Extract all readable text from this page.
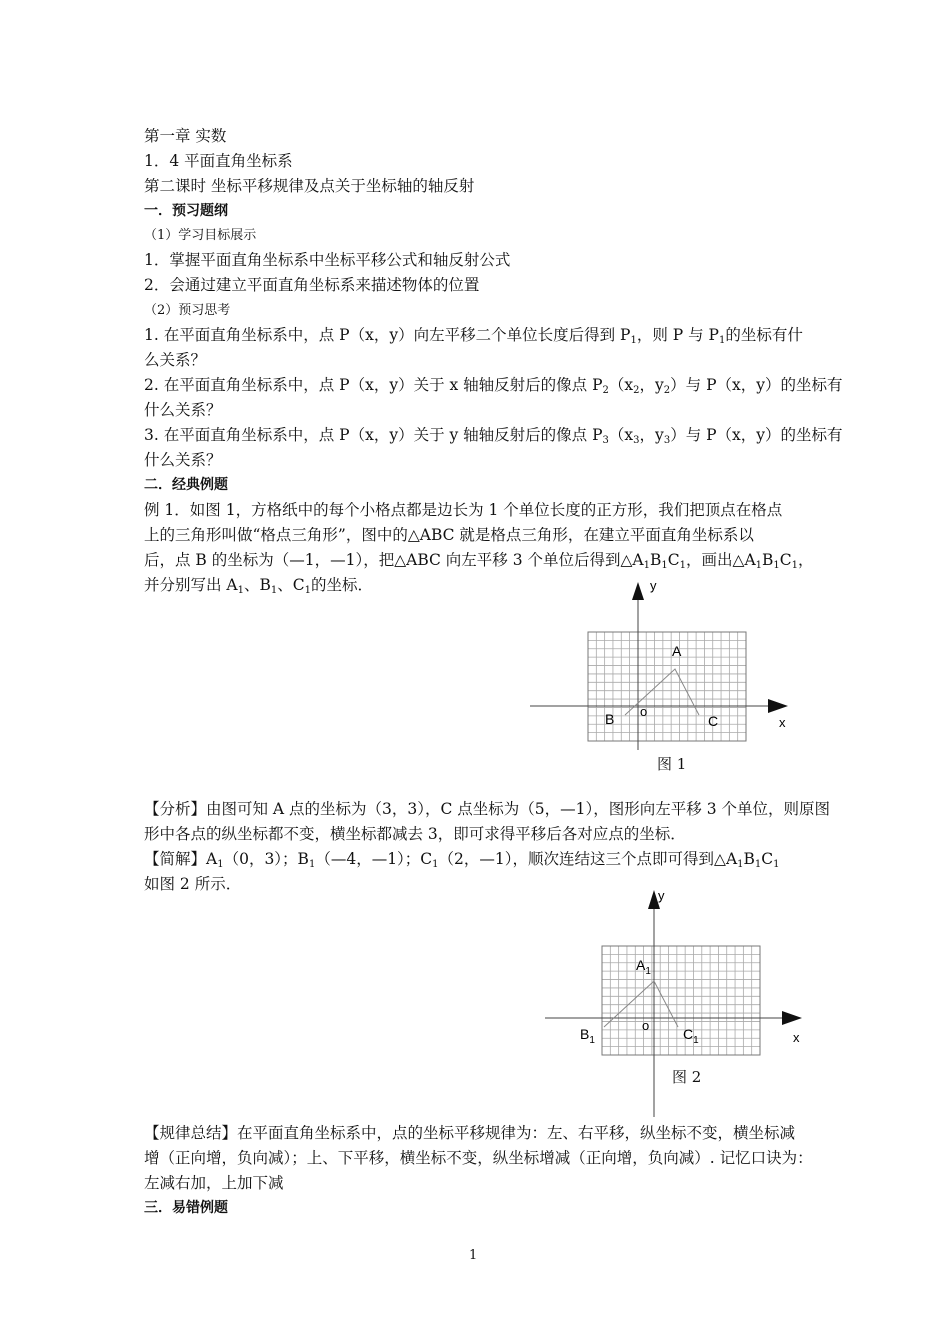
第一章 实数
1．4 平面直角坐标系
第二课时 坐标平移规律及点关于坐标轴的轴反射
一．预习题纲
（1）学习目标展示
1．掌握平面直角坐标系中坐标平移公式和轴反射公式
2．会通过建立平面直角坐标系来描述物体的位置
（2）预习思考
1. 在平面直角坐标系中，点 P（x，y）向左平移二个单位长度后得到 $P_1$，则 P 与 $P_1$的坐标有什
么关系？
2. 在平面直角坐标系中，点 P（x，y）关于 x 轴轴反射后的像点 $P_2(x_2$，$y_2$）与 P（x，y）的坐标有
什么关系？
3. 在平面直角坐标系中，点 P（x，y）关于 y 轴轴反射后的像点 $P_3(x_3$，$y_3$）与 P（x，y）的坐标有
什么关系？
二．经典例题
例 1．如图 1，方格纸中的每个小格点都是边长为 1 个单位长度的正方形，我们把顶点在格点
上的三角形叫做“格点三角形”，图中的△ABC 就是格点三角形，在建立平面直角坐标系以
后，点 B 的坐标为（—1，—1），把△ABC 向左平移 3 个单位后得到$\triangle A_1B_1C_1$，画出$\triangle A_1B_1C_1$，
并分别写出 $A_1$、$B_1$、$C_1$的坐标．	y
x
A
B	C
o
图 1
【分析】由图可知 A 点的坐标为（3，3），C 点坐标为（5，—1），图形向左平移 3 个单位，则原图
形中各点的纵坐标都不变，横坐标都减去 3，即可求得平移后各对应点的坐标．
【简解】$A_1(0$，3）；$B_1(—4$，—1）；$C_1(2$，—1），顺次连结这三个点即可得到$\triangle A_1B_1C_1$
如图 2 所示．
y
x
$A_1$
$B_1$	$C_1$
o
图 2
【规律总结】在平面直角坐标系中，点的坐标平移规律为：左、右平移，纵坐标不变，横坐标减
增（正向增，负向减）；上、下平移，横坐标不变，纵坐标增减（正向增，负向减）. 记忆口诀为：
左减右加，上加下减
三．易错例题
1
